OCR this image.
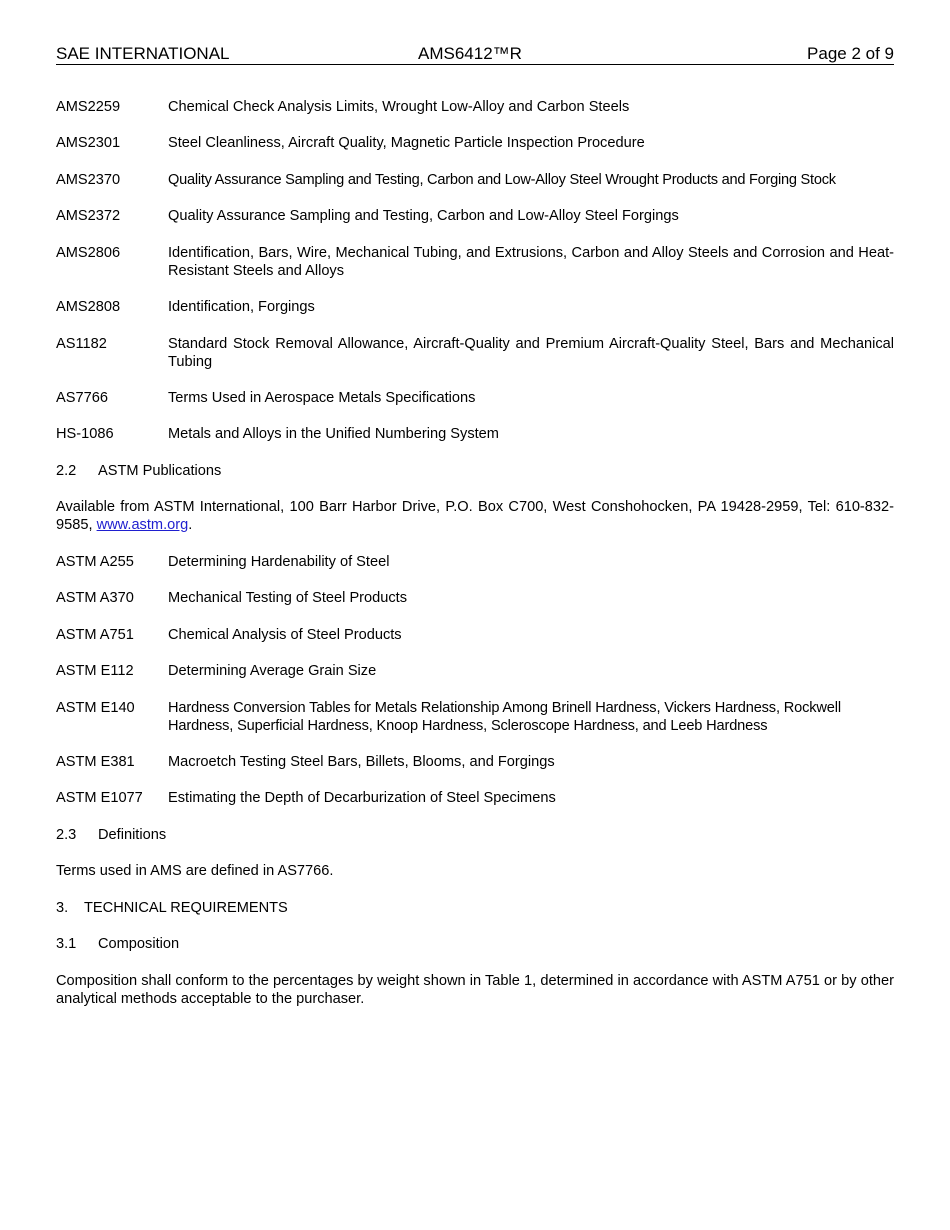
SAE INTERNATIONAL	AMS6412™R	Page 2 of 9
AMS2259	Chemical Check Analysis Limits, Wrought Low-Alloy and Carbon Steels
AMS2301	Steel Cleanliness, Aircraft Quality, Magnetic Particle Inspection Procedure
AMS2370	Quality Assurance Sampling and Testing, Carbon and Low-Alloy Steel Wrought Products and Forging Stock
AMS2372	Quality Assurance Sampling and Testing, Carbon and Low-Alloy Steel Forgings
AMS2806	Identification, Bars, Wire, Mechanical Tubing, and Extrusions, Carbon and Alloy Steels and Corrosion and Heat-Resistant Steels and Alloys
AMS2808	Identification, Forgings
AS1182	Standard Stock Removal Allowance, Aircraft-Quality and Premium Aircraft-Quality Steel, Bars and Mechanical Tubing
AS7766	Terms Used in Aerospace Metals Specifications
HS-1086	Metals and Alloys in the Unified Numbering System
2.2 ASTM Publications
Available from ASTM International, 100 Barr Harbor Drive, P.O. Box C700, West Conshohocken, PA 19428-2959, Tel: 610-832-9585, www.astm.org.
ASTM A255 Determining Hardenability of Steel
ASTM A370 Mechanical Testing of Steel Products
ASTM A751 Chemical Analysis of Steel Products
ASTM E112 Determining Average Grain Size
ASTM E140 Hardness Conversion Tables for Metals Relationship Among Brinell Hardness, Vickers Hardness, Rockwell Hardness, Superficial Hardness, Knoop Hardness, Scleroscope Hardness, and Leeb Hardness
ASTM E381 Macroetch Testing Steel Bars, Billets, Blooms, and Forgings
ASTM E1077 Estimating the Depth of Decarburization of Steel Specimens
2.3 Definitions
Terms used in AMS are defined in AS7766.
3. TECHNICAL REQUIREMENTS
3.1 Composition
Composition shall conform to the percentages by weight shown in Table 1, determined in accordance with ASTM A751 or by other analytical methods acceptable to the purchaser.
